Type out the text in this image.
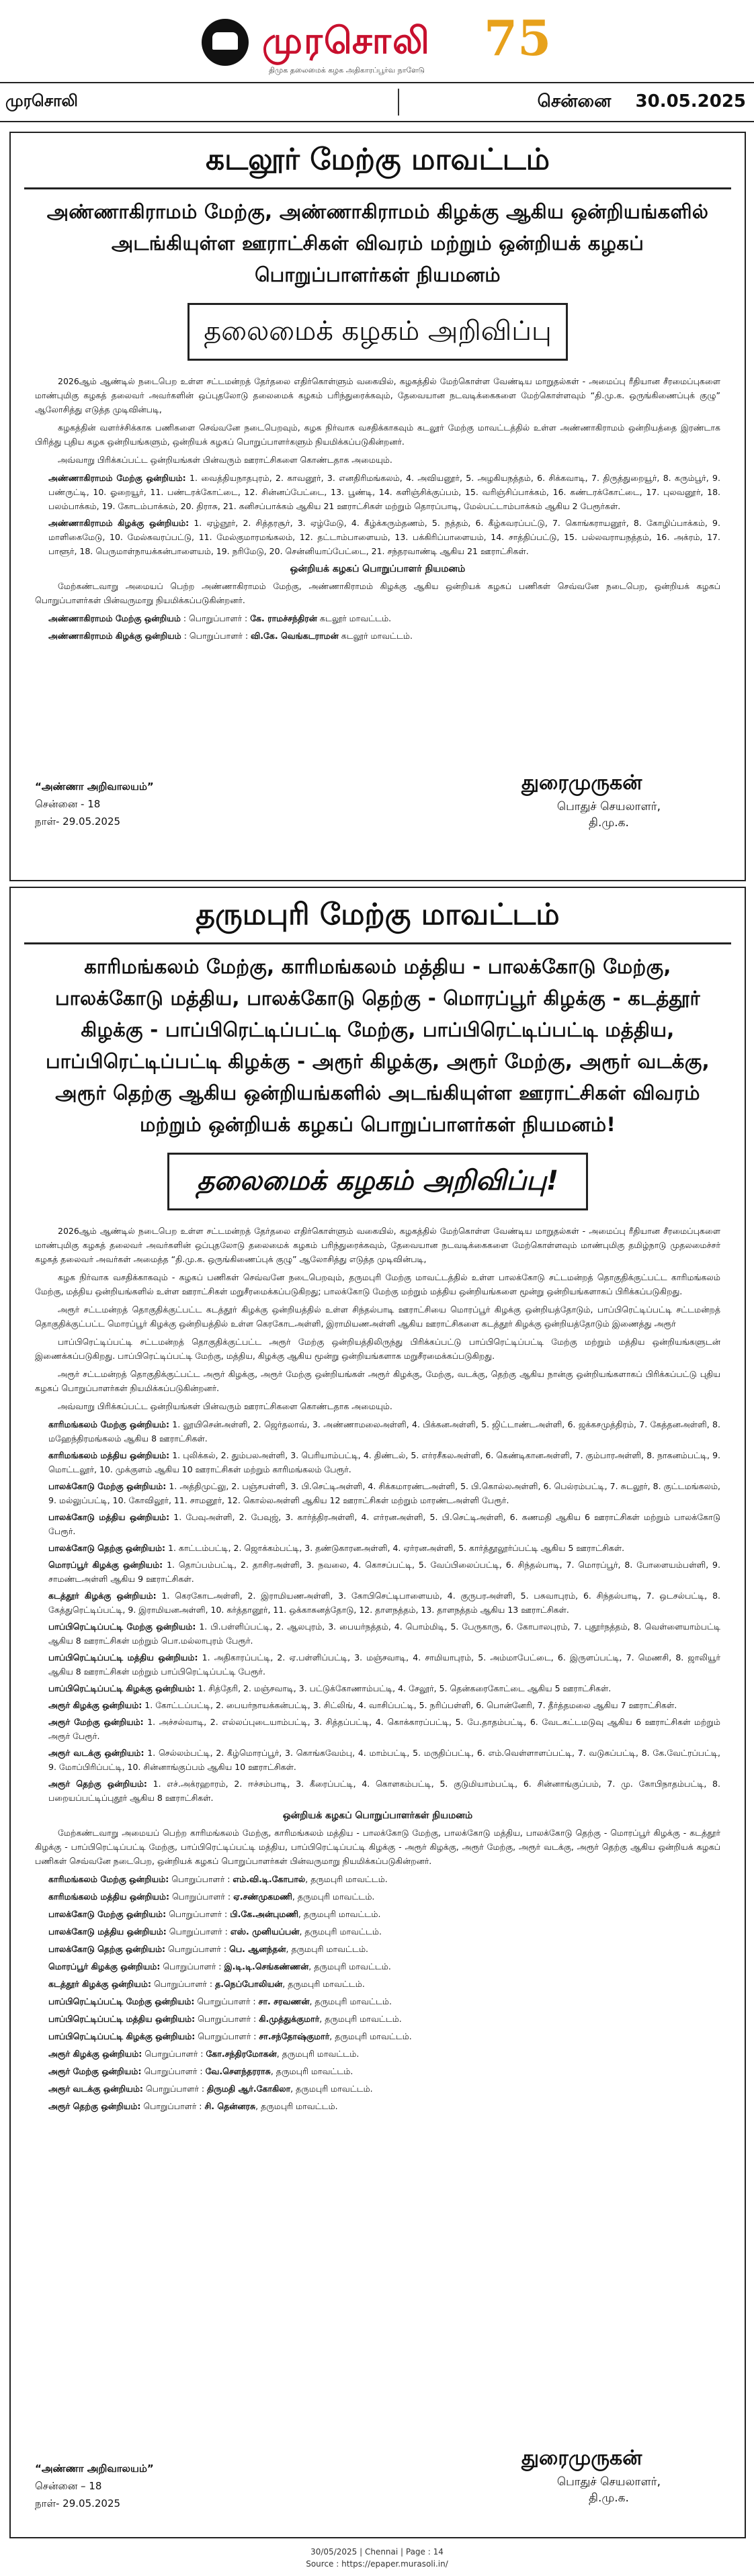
முரசொலி
திமுக தலைமைக் கழக அதிகாரப்பூர்வ நாளேடு
75
முரசொலி	சென்னை 30.05.2025
கடலூர் மேற்கு மாவட்டம்
அண்ணாகிராமம் மேற்கு, அண்ணாகிராமம் கிழக்கு ஆகிய ஒன்றியங்களில் அடங்கியுள்ள ஊராட்சிகள் விவரம் மற்றும் ஒன்றியக் கழகப் பொறுப்பாளர்கள் நியமனம்
தலைமைக் கழகம் அறிவிப்பு

2026ஆம் ஆண்டில் நடைபெற உள்ள சட்டமன்றத் தேர்தலை எதிர்கொள்ளும் வகையில், கழகத்தில் மேற்கொள்ள வேண்டிய மாறுதல்கள் - அமைப்பு ரீதியான சீரமைப்புகளை மாண்புமிகு கழகத் தலைவர் அவர்களின் ஒப்புதலோடு தலைமைக் கழகம் பரிந்துரைக்கவும், தேவையான நடவடிக்கைகளை மேற்கொள்ளவும் “தி.மு.க. ஒருங்கிணைப்புக் குழு” ஆலோசித்து எடுத்த முடிவின்படி,

கழகத்தின் வளர்ச்சிக்காக பணிகளை செவ்வனே நடைபெறவும், கழக நிர்வாக வசதிக்காகவும் கடலூர் மேற்கு மாவட்டத்தில் உள்ள அண்ணாகிராமம் ஒன்றியத்தை இரண்டாக பிரித்து புதிய கழக ஒன்றியங்களும், ஒன்றியக் கழகப் பொறுப்பாளர்களும் நியமிக்கப்படுகின்றனர்.

அவ்வாறு பிரிக்கப்பட்ட ஒன்றியங்கள் பின்வரும் ஊராட்சிகளை கொண்டதாக அமையும்.

அண்ணாகிராமம் மேற்கு ஒன்றியம்: 1. வைத்தியநாதபுரம், 2. காவனூர், 3. எனதிரிமங்கலம், 4. அவியனூர், 5. அழகியநத்தம், 6. சிக்கவாடி, 7. திருத்துறையூர், 8. கரும்பூர், 9. பண்ருட்டி, 10. ஓறையூர், 11. பண்டரக்கோட்டை, 12. சின்னப்பேட்டை, 13. பூண்டி, 14. களிஞ்சிக்குப்பம், 15. வரிஞ்சிப்பாக்கம், 16. கண்டரக்கோட்டை, 17. புலவனூர், 18. பலம்பாக்கம், 19. கோடம்பாக்கம், 20. திராசு, 21. கனிசப்பாக்கம் ஆகிய 21 ஊராட்சிகள் மற்றும் தொரப்பாடி, மேல்பட்டாம்பாக்கம் ஆகிய 2 பேரூர்கள்.
அண்ணாகிராமம் கிழக்கு ஒன்றியம்: 1. ஏழ்ஞூர், 2. சித்தரசூர், 3. ஏழ்மேடு, 4. கீழ்க்கரும்தணம், 5. நத்தம், 6. கீழ்கவரப்பட்டு, 7. கொங்கராயனூர், 8. கோழிப்பாக்கம், 9. மாளிகைமேடு, 10. மேல்கவரப்பட்டு, 11. மேல்குமாரமங்கலம், 12. தட்டாம்பாளையம், 13. பக்கிரிப்பாளையம், 14. சாத்திப்பட்டு, 15. பல்லவராயநத்தம், 16. அக்ரம், 17. பாளூர், 18. பெருமாள்நாயக்கன்பாளையம், 19. நரிமேடு, 20. சென்னியாப்பேட்டை, 21. சந்தரவாண்டி ஆகிய 21 ஊராட்சிகள்.
ஒன்றியக் கழகப் பொறுப்பாளர் நியமனம்

மேற்கண்டவாறு அமையப் பெற்ற அண்ணாகிராமம் மேற்கு, அண்ணாகிராமம் கிழக்கு ஆகிய ஒன்றியக் கழகப் பணிகள் செவ்வனே நடைபெற, ஒன்றியக் கழகப் பொறுப்பாளர்கள் பின்வருமாறு நியமிக்கப்படுகின்றனர்.

அண்ணாகிராமம் மேற்கு ஒன்றியம் : பொறுப்பாளர் : கே. ராமச்சந்திரன் கடலூர் மாவட்டம்.
அண்ணாகிராமம் கிழக்கு ஒன்றியம் : பொறுப்பாளர் : வி.கே. வெங்கடராமன் கடலூர் மாவட்டம்.
“அண்ணா அறிவாலயம்”
சென்னை - 18
நாள்- 29.05.2025
துரைமுருகன்
பொதுச் செயலாளர்,
தி.மு.க.
தருமபுரி மேற்கு மாவட்டம்
காரிமங்கலம் மேற்கு, காரிமங்கலம் மத்திய - பாலக்கோடு மேற்கு, பாலக்கோடு மத்திய, பாலக்கோடு தெற்கு - மொரப்பூர் கிழக்கு - கடத்தூர் கிழக்கு - பாப்பிரெட்டிப்பட்டி மேற்கு, பாப்பிரெட்டிப்பட்டி மத்திய, பாப்பிரெட்டிப்பட்டி கிழக்கு - அரூர் கிழக்கு, அரூர் மேற்கு, அரூர் வடக்கு, அரூர் தெற்கு ஆகிய ஒன்றியங்களில் அடங்கியுள்ள ஊராட்சிகள் விவரம் மற்றும் ஒன்றியக் கழகப் பொறுப்பாளர்கள் நியமனம்!
தலைமைக் கழகம் அறிவிப்பு!

2026ஆம் ஆண்டில் நடைபெற உள்ள சட்டமன்றத் தேர்தலை எதிர்கொள்ளும் வகையில், கழகத்தில் மேற்கொள்ள வேண்டிய மாறுதல்கள் - அமைப்பு ரீதியான சீரமைப்புகளை மாண்புமிகு கழகத் தலைவர் அவர்களின் ஒப்புதலோடு தலைமைக் கழகம் பரிந்துரைக்கவும், தேவையான நடவடிக்கைகளை மேற்கொள்ளவும் மாண்புமிகு தமிழ்நாடு முதலமைச்சர் கழகத் தலைவர் அவர்கள் அமைத்த “தி.மு.க. ஒருங்கிணைப்புக் குழு” ஆலோசித்து எடுத்த முடிவின்படி,

கழக நிர்வாக வசதிக்காகவும் - கழகப் பணிகள் செவ்வனே நடைபெறவும், தருமபுரி மேற்கு மாவட்டத்தில் உள்ள பாலக்கோடு சட்டமன்றத் தொகுதிக்குட்பட்ட காரிமங்கலம் மேற்கு, மத்திய ஒன்றியங்களில் உள்ள ஊராட்சிகள் மறுசீரமைக்கப்படுகிறது; பாலக்கோடு மேற்கு மற்றும் மத்திய ஒன்றியங்களை மூன்று ஒன்றியங்களாகப் பிரிக்கப்படுகிறது.

அரூர் சட்டமன்றத் தொகுதிக்குட்பட்ட கடத்தூர் கிழக்கு ஒன்றியத்தில் உள்ள சிந்தல்பாடி ஊராட்சியை மொரப்பூர் கிழக்கு ஒன்றியத்தோடும், பாப்பிரெட்டிப்பட்டி சட்டமன்றத் தொகுதிக்குட்பட்ட மொரப்பூர் கிழக்கு ஒன்றியத்தில் உள்ள கெரகோடஅள்ளி, இராமியணஅள்ளி ஆகிய ஊராட்சிகளை கடத்தூர் கிழக்கு ஒன்றியத்தோடும் இணைத்து அரூர்

பாப்பிரெட்டிப்பட்டி சட்டமன்றத் தொகுதிக்குட்பட்ட அரூர் மேற்கு ஒன்றியத்திலிருந்து பிரிக்கப்பட்டு பாப்பிரெட்டிப்பட்டி மேற்கு மற்றும் மத்திய ஒன்றியங்களுடன் இணைக்கப்படுகிறது. பாப்பிரெட்டிப்பட்டி மேற்கு, மத்திய, கிழக்கு ஆகிய மூன்று ஒன்றியங்களாக மறுசீரமைக்கப்படுகிறது.

அரூர் சட்டமன்றத் தொகுதிக்குட்பட்ட அரூர் கிழக்கு, அரூர் மேற்கு ஒன்றியங்கள் அரூர் கிழக்கு, மேற்கு, வடக்கு, தெற்கு ஆகிய நான்கு ஒன்றியங்களாகப் பிரிக்கப்பட்டு புதிய கழகப் பொறுப்பாளர்கள் நியமிக்கப்படுகின்றனர்.

அவ்வாறு பிரிக்கப்பட்ட ஒன்றியங்கள் பின்வரும் ஊராட்சிகளை கொண்டதாக அமையும்.

காரிமங்கலம் மேற்கு ஒன்றியம்: 1. லூயிசென்அள்ளி, 2. ஜெர்தலாவ், 3. அண்ணாமலைஅள்ளி, 4. பிக்கனஅள்ளி, 5. ஜிட்டாண்டஅள்ளி, 6. ஜக்கசமுத்திரம், 7. கேத்தனஅள்ளி, 8. மஹேந்திரமங்கலம் ஆகிய 8 ஊராட்சிகள்.
காரிமங்கலம் மத்திய ஒன்றியம்: 1. புலிக்கல், 2. தும்பலஅள்ளி, 3. பெரியாம்பட்டி, 4. திண்டல், 5. எர்ரசீகலஅள்ளி, 6. கெண்டிகானஅள்ளி, 7. கும்பாரஅள்ளி, 8. நாகனம்பட்டி, 9. மொட்டலூர், 10. முக்குளம் ஆகிய 10 ஊராட்சிகள் மற்றும் காரிமங்கலம் பேரூர்.
பாலக்கோடு மேற்கு ஒன்றியம்: 1. அத்திமுட்லு, 2. பஞ்சபள்ளி, 3. பி.செட்டிஅள்ளி, 4. சிக்கமாரண்டஅள்ளி, 5. பி.கொல்லஅள்ளி, 6. பெல்ரம்பட்டி, 7. சுடலூர், 8. குட்டமங்கலம், 9. மல்லுப்பட்டி, 10. கோவிலூர், 11. சாமனூர், 12. கொல்லஅள்ளி ஆகிய 12 ஊராட்சிகள் மற்றும் மாரண்டஅள்ளி பேரூர்.
பாலக்கோடு மத்திய ஒன்றியம்: 1. பேவுஅள்ளி, 2. பேவுஜ், 3. கார்த்திரஅள்ளி, 4. எர்ரனஅள்ளி, 5. பி.செட்டிஅள்ளி, 6. கணமதி ஆகிய 6 ஊராட்சிகள் மற்றும் பாலக்கோடு பேரூர்.
பாலக்கோடு தெற்கு ஒன்றியம்: 1. காட்டம்பட்டி, 2. ஜொக்கம்பட்டி, 3. தண்டுகாரனஅள்ளி, 4. ஏர்ரனஅள்ளி, 5. கார்த்தூலூர்ப்பட்டி ஆகிய 5 ஊராட்சிகள்.
மொரப்பூர் கிழக்கு ஒன்றியம்: 1. தொப்பம்பட்டி, 2. தாசிரஅள்ளி, 3. நவலை, 4. கொசப்பட்டி, 5. வேப்பிலைப்பட்டி, 6. சிந்தல்பாடி, 7. மொரப்பூர், 8. போளையம்பள்ளி, 9. சாமண்டஅள்ளி ஆகிய 9 ஊராட்சிகள்.
கடத்தூர் கிழக்கு ஒன்றியம்: 1. கெரகோடஅள்ளி, 2. இராமியணஅள்ளி, 3. கோபிசெட்டிபாளையம், 4. குருபரஅள்ளி, 5. பசுவாபுரம், 6. சிந்தல்பாடி, 7. ஒடசல்பட்டி, 8. கேத்துரெட்டிப்பட்டி, 9. இராமியனஅள்ளி, 10. கர்த்தானூர், 11. ஒக்காசுனத்தோடு, 12. தாளநத்தம், 13. தாளநத்தம் ஆகிய 13 ஊராட்சிகள்.
பாப்பிரெட்டிப்பட்டி மேற்கு ஒன்றியம்: 1. பி.பள்ளிப்பட்டி, 2. ஆலபுரம், 3. பையர்நத்தம், 4. பொம்மிடி, 5. பேருகாரு, 6. கோபாலபுரம், 7. புதூர்நத்தம், 8. வெள்ளையாம்பட்டி ஆகிய 8 ஊராட்சிகள் மற்றும் பொ.மல்லாபுரம் பேரூர்.
பாப்பிரெட்டிப்பட்டி மத்திய ஒன்றியம்: 1. அதிகாரப்பட்டி, 2. ஏ.பள்ளிப்பட்டி, 3. மஞ்சவாடி, 4. சாமியாபுரம், 5. அம்மாபேட்டை, 6. இருளப்பட்டி, 7. மெணசி, 8. ஜாலியூர் ஆகிய 8 ஊராட்சிகள் மற்றும் பாப்பிரெட்டிப்பட்டி பேரூர்.
பாப்பிரெட்டிப்பட்டி கிழக்கு ஒன்றியம்: 1. சித்தேரி, 2. மஞ்சவாடி, 3. பட்டுக்கோணாம்பட்டி, 4. சேலூர், 5. தென்கரைகோட்டை ஆகிய 5 ஊராட்சிகள்.
அரூர் கிழக்கு ஒன்றியம்: 1. கோட்டப்பட்டி, 2. பையர்நாயக்கன்பட்டி, 3. சிட்லிங், 4. வாசிப்பட்டி, 5. நரிப்பள்ளி, 6. பொன்னேரி, 7. தீர்த்தமலை ஆகிய 7 ஊராட்சிகள்.
அரூர் மேற்கு ஒன்றியம்: 1. அச்சல்வாடி, 2. எல்லப்புடையாம்பட்டி, 3. சித்தப்பட்டி, 4. கொக்காரப்பட்டி, 5. பே.தாதம்பட்டி, 6. வேடகட்டமடுவு ஆகிய 6 ஊராட்சிகள் மற்றும் அரூர் பேரூர்.
அரூர் வடக்கு ஒன்றியம்: 1. செல்லம்பட்டி, 2. கீழ்மொரப்பூர், 3. கொங்கவேம்பு, 4. மாம்பட்டி, 5. மருதிப்பட்டி, 6. எம்.வெள்ளாளப்பட்டி, 7. வடுகப்பட்டி, 8. கே.வேட்ரப்பட்டி, 9. மோப்பிரிப்பட்டி, 10. சின்னாங்குப்பம் ஆகிய 10 ஊராட்சிகள்.
அரூர் தெற்கு ஒன்றியம்: 1. எச்.அக்ரஹாரம், 2. ஈச்சம்பாடி, 3. கீரைப்பட்டி, 4. கொளகம்பட்டி, 5. குடுமியாம்பட்டி, 6. சின்னாங்குப்பம், 7. மு. கோபிநாதம்பட்டி, 8. பறையப்பட்டிப்புதூர் ஆகிய 8 ஊராட்சிகள்.
ஒன்றியக் கழகப் பொறுப்பாளர்கள் நியமனம்

மேற்கண்டவாறு அமையப் பெற்ற காரிமங்கலம் மேற்கு, காரிமங்கலம் மத்திய - பாலக்கோடு மேற்கு, பாலக்கோடு மத்திய, பாலக்கோடு தெற்கு - மொரப்பூர் கிழக்கு - கடத்தூர் கிழக்கு - பாப்பிரெட்டிப்பட்டி மேற்கு, பாப்பிரெட்டிப்பட்டி மத்திய, பாப்பிரெட்டிப்பட்டி கிழக்கு - அரூர் கிழக்கு, அரூர் மேற்கு, அரூர் வடக்கு, அரூர் தெற்கு ஆகிய ஒன்றியக் கழகப் பணிகள் செவ்வனே நடைபெற, ஒன்றியக் கழகப் பொறுப்பாளர்கள் பின்வருமாறு நியமிக்கப்படுகின்றனர்.

காரிமங்கலம் மேற்கு ஒன்றியம்: பொறுப்பாளர் : எம்.வி.டி.கோபால், தருமபுரி மாவட்டம்.
காரிமங்கலம் மத்திய ஒன்றியம்: பொறுப்பாளர் : ஏ.சண்முகமணி, தருமபுரி மாவட்டம்.
பாலக்கோடு மேற்கு ஒன்றியம்: பொறுப்பாளர் : பி.கே.அன்புமணி, தருமபுரி மாவட்டம்.
பாலக்கோடு மத்திய ஒன்றியம்: பொறுப்பாளர் : எஸ். முனியப்பன், தருமபுரி மாவட்டம்.
பாலக்கோடு தெற்கு ஒன்றியம்: பொறுப்பாளர் : பெ. ஆனந்தன், தருமபுரி மாவட்டம்.
மொரப்பூர் கிழக்கு ஒன்றியம்: பொறுப்பாளர் : இ.டி.டி.செங்கண்ணன், தருமபுரி மாவட்டம்.
கடத்தூர் கிழக்கு ஒன்றியம்: பொறுப்பாளர் : த.நெப்போலியன், தருமபுரி மாவட்டம்.
பாப்பிரெட்டிப்பட்டி மேற்கு ஒன்றியம்: பொறுப்பாளர் : சா. சரவணன், தருமபுரி மாவட்டம்.
பாப்பிரெட்டிப்பட்டி மத்திய ஒன்றியம்: பொறுப்பாளர் : கி.முத்துக்குமார், தருமபுரி மாவட்டம்.
பாப்பிரெட்டிப்பட்டி கிழக்கு ஒன்றியம்: பொறுப்பாளர் : சா.சந்தோஷ்குமார், தருமபுரி மாவட்டம்.
அரூர் கிழக்கு ஒன்றியம்: பொறுப்பாளர் : கோ.சந்திரமோகன், தருமபுரி மாவட்டம்.
அரூர் மேற்கு ஒன்றியம்: பொறுப்பாளர் : வே.சௌந்தரராசு, தருமபுரி மாவட்டம்.
அரூர் வடக்கு ஒன்றியம்: பொறுப்பாளர் : திருமதி ஆர்.கோகிலா, தருமபுரி மாவட்டம்.
அரூர் தெற்கு ஒன்றியம்: பொறுப்பாளர் : சி. தென்னரசு, தருமபுரி மாவட்டம்.
“அண்ணா அறிவாலயம்”
சென்னை – 18
நாள்- 29.05.2025
துரைமுருகன்
பொதுச் செயலாளர்,
தி.மு.க.
30/05/2025 | Chennai | Page : 14
Source : https://epaper.murasoli.in/
